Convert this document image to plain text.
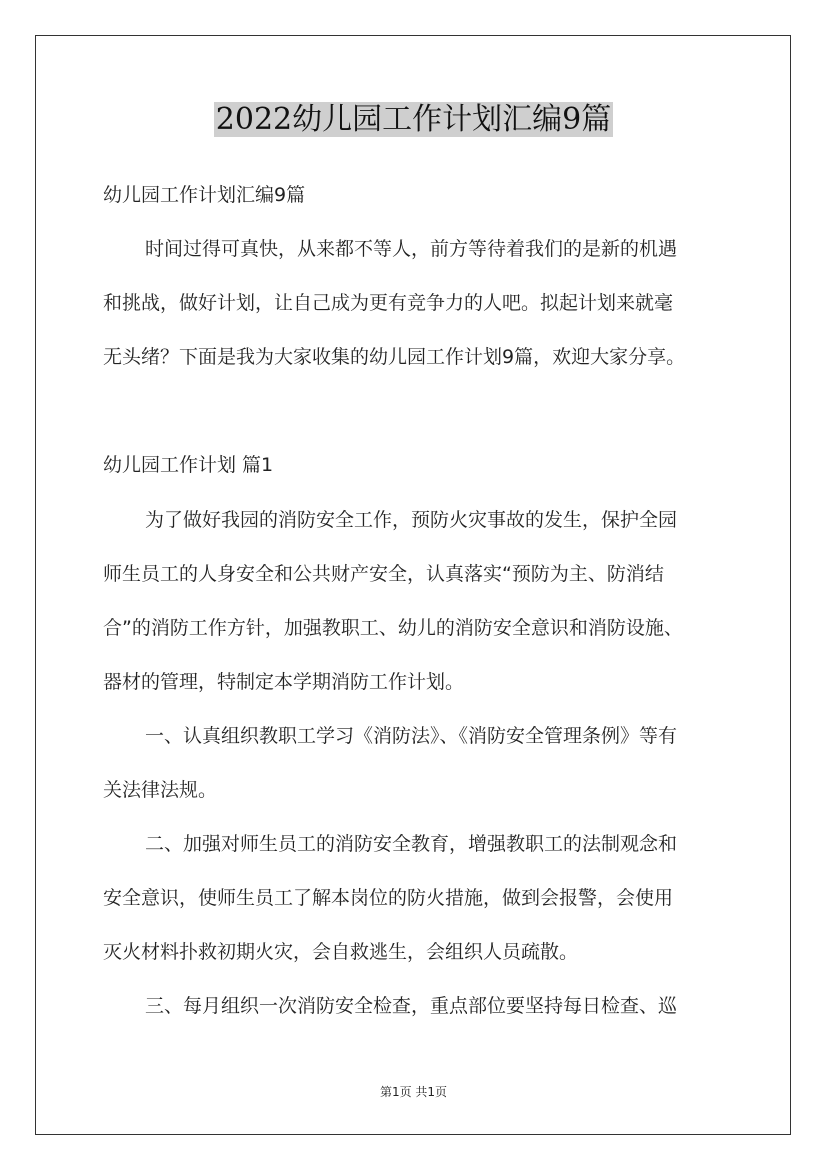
2022幼儿园工作计划汇编9篇
幼儿园工作计划汇编9篇
时间过得可真快，从来都不等人，前方等待着我们的是新的机遇
和挑战，做好计划，让自己成为更有竞争力的人吧。拟起计划来就毫
无头绪？下面是我为大家收集的幼儿园工作计划9篇，欢迎大家分享。
幼儿园工作计划 篇1
为了做好我园的消防安全工作，预防火灾事故的发生，保护全园
师生员工的人身安全和公共财产安全，认真落实“预防为主、防消结
合”的消防工作方针，加强教职工、幼儿的消防安全意识和消防设施、
器材的管理，特制定本学期消防工作计划。
一、认真组织教职工学习《消防法》、《消防安全管理条例》等有
关法律法规。
二、加强对师生员工的消防安全教育，增强教职工的法制观念和
安全意识，使师生员工了解本岗位的防火措施，做到会报警，会使用
灭火材料扑救初期火灾，会自救逃生，会组织人员疏散。
三、每月组织一次消防安全检查，重点部位要坚持每日检查、巡
第1页 共1页
